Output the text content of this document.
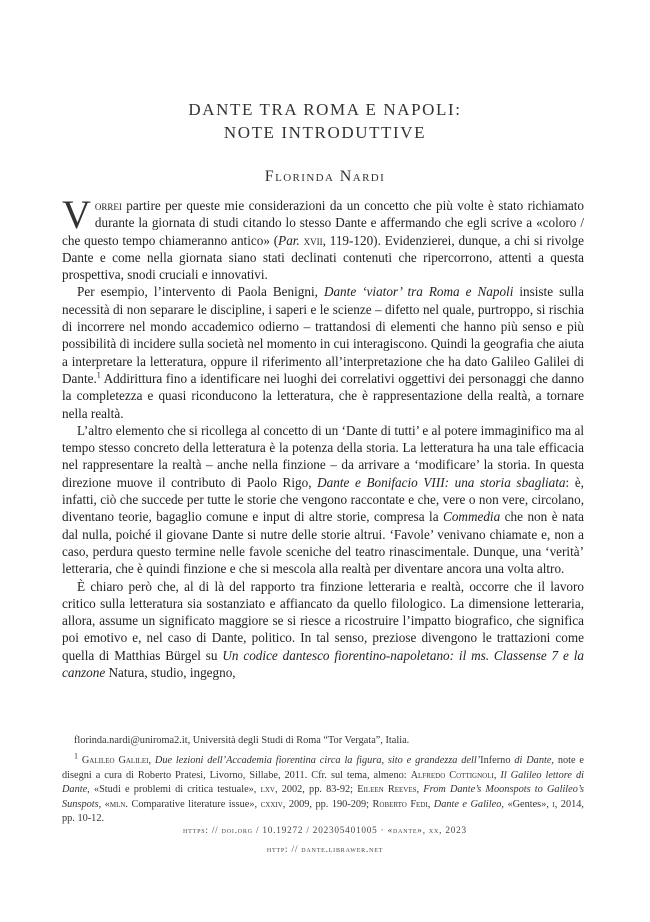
DANTE TRA ROMA E NAPOLI:
NOTE INTRODUTTIVE
Florinda Nardi

Vorrei partire per queste mie considerazioni da un concetto che più volte è stato richiamato durante la giornata di studi citando lo stesso Dante e affermando che egli scrive a «coloro / che questo tempo chiameranno antico» (Par. xvii, 119-120). Evidenzierei, dunque, a chi si rivolge Dante e come nella giornata siano stati declinati contenuti che ripercorrono, attenti a questa prospettiva, snodi cruciali e innovativi.

Per esempio, l’intervento di Paola Benigni, Dante ‘viator’ tra Roma e Napoli insiste sulla necessità di non separare le discipline, i saperi e le scienze – difetto nel quale, purtroppo, si rischia di incorrere nel mondo accademico odierno – trattandosi di elementi che hanno più senso e più possibilità di incidere sulla società nel momento in cui interagiscono. Quindi la geografia che aiuta a interpretare la letteratura, oppure il riferimento all’interpretazione che ha dato Galileo Galilei di Dante.$^1$ Addirittura fino a identificare nei luoghi dei correlativi oggettivi dei personaggi che danno la completezza e quasi riconducono la letteratura, che è rappresentazione della realtà, a tornare nella realtà.

L’altro elemento che si ricollega al concetto di un ‘Dante di tutti’ e al potere immaginifico ma al tempo stesso concreto della letteratura è la potenza della storia. La letteratura ha una tale efficacia nel rappresentare la realtà – anche nella finzione – da arrivare a ‘modificare’ la storia. In questa direzione muove il contributo di Paolo Rigo, Dante e Bonifacio VIII: una storia sbagliata: è, infatti, ciò che succede per tutte le storie che vengono raccontate e che, vere o non vere, circolano, diventano teorie, bagaglio comune e input di altre storie, compresa la Commedia che non è nata dal nulla, poiché il giovane Dante si nutre delle storie altrui. ‘Favole’ venivano chiamate e, non a caso, perdura questo termine nelle favole sceniche del teatro rinascimentale. Dunque, una ‘verità’ letteraria, che è quindi finzione e che si mescola alla realtà per diventare ancora una volta altro.

È chiaro però che, al di là del rapporto tra finzione letteraria e realtà, occorre che il lavoro critico sulla letteratura sia sostanziato e affiancato da quello filologico. La dimensione letteraria, allora, assume un significato maggiore se si riesce a ricostruire l’impatto biografico, che significa poi emotivo e, nel caso di Dante, politico. In tal senso, preziose divengono le trattazioni come quella di Matthias Bürgel su Un codice dantesco fiorentino-napoletano: il ms. Classense 7 e la canzone Natura, studio, ingegno,

florinda.nardi@uniroma2.it, Università degli Studi di Roma “Tor Vergata”, Italia.

$^1$ Galileo Galilei, Due lezioni dell’Accademia fiorentina circa la figura, sito e grandezza dell’Inferno di Dante, note e disegni a cura di Roberto Pratesi, Livorno, Sillabe, 2011. Cfr. sul tema, almeno: Alfredo Cottignoli, Il Galileo lettore di Dante, «Studi e problemi di critica testuale», lxv, 2002, pp. 83-92; Eileen Reeves, From Dante’s Moonspots to Galileo’s Sunspots, «mln. Comparative literature issue», cxxiv, 2009, pp. 190-209; Roberto Fedi, Dante e Galileo, «Gentes», i, 2014, pp. 10-12.

https: // doi.org / 10.19272 / 202305401005 · «dante», xx, 2023
http: // dante.librawer.net
